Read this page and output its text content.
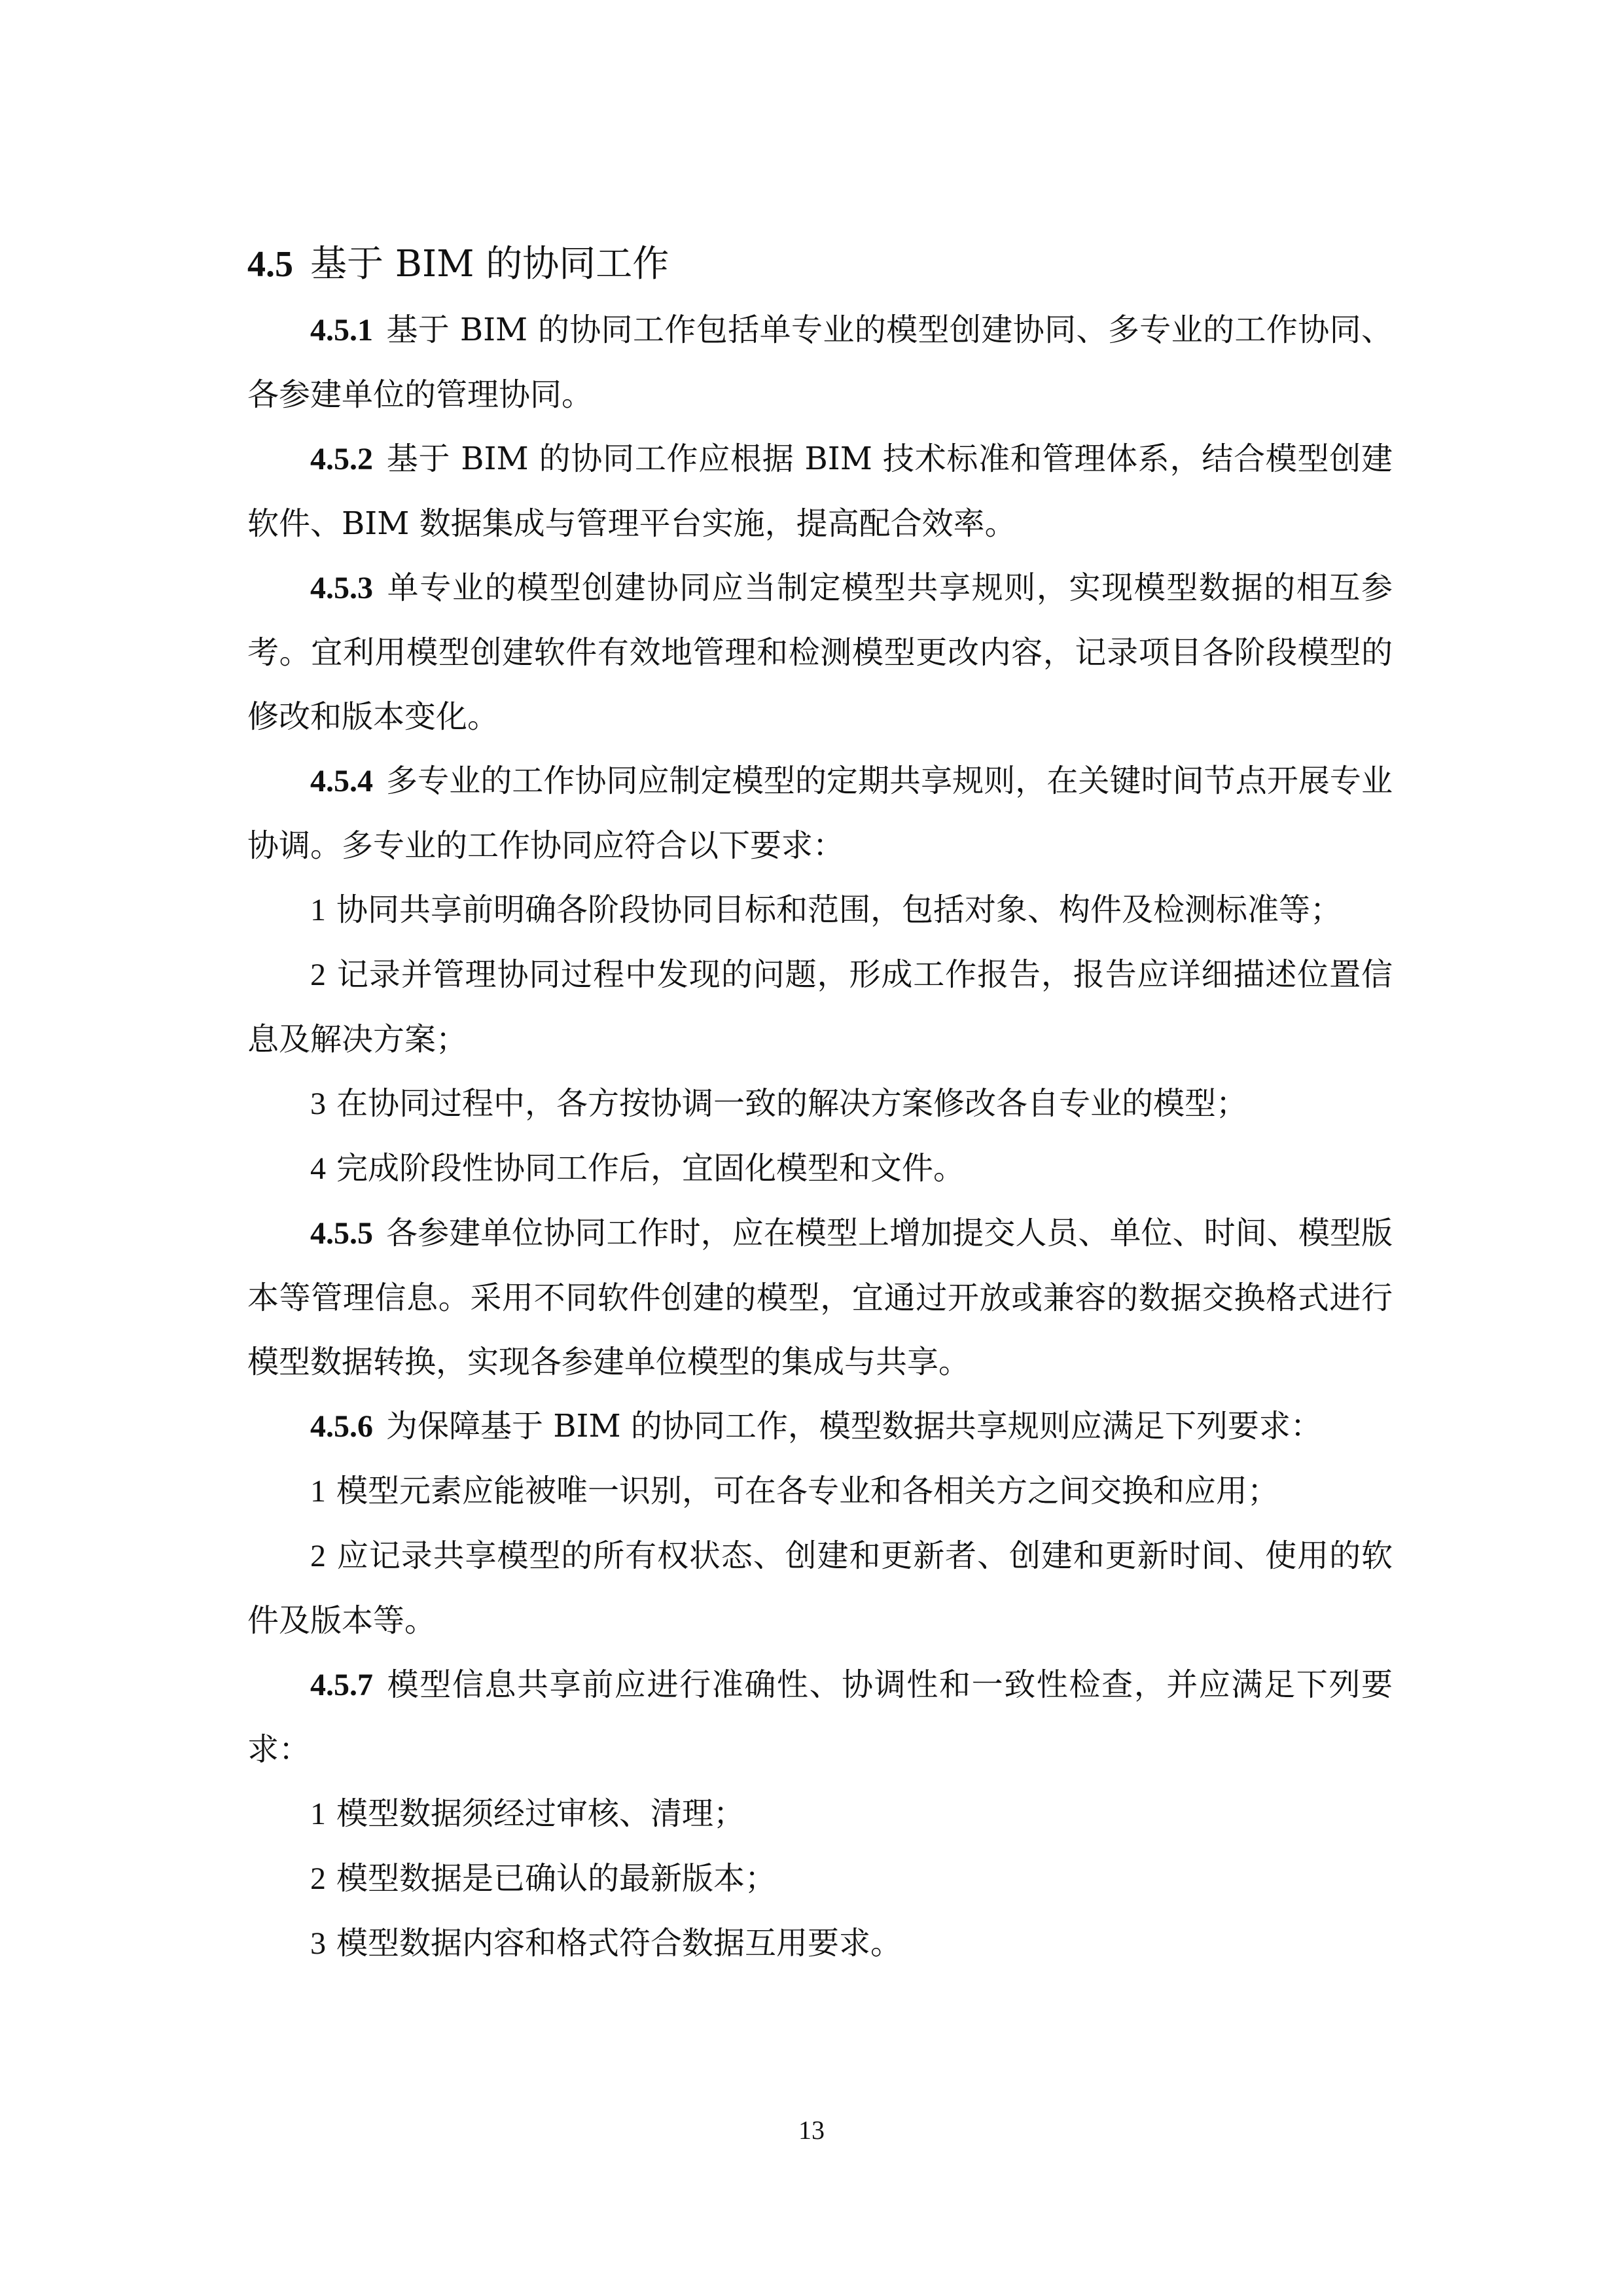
4.5 基于 BIM 的协同工作

4.5.1 基于 BIM 的协同工作包括单专业的模型创建协同、多专业的工作协同、各参建单位的管理协同。

4.5.2 基于 BIM 的协同工作应根据 BIM 技术标准和管理体系，结合模型创建软件、BIM 数据集成与管理平台实施，提高配合效率。

4.5.3 单专业的模型创建协同应当制定模型共享规则，实现模型数据的相互参考。宜利用模型创建软件有效地管理和检测模型更改内容，记录项目各阶段模型的修改和版本变化。

4.5.4 多专业的工作协同应制定模型的定期共享规则，在关键时间节点开展专业协调。多专业的工作协同应符合以下要求：

1 协同共享前明确各阶段协同目标和范围，包括对象、构件及检测标准等；

2 记录并管理协同过程中发现的问题，形成工作报告，报告应详细描述位置信息及解决方案；

3 在协同过程中，各方按协调一致的解决方案修改各自专业的模型；

4 完成阶段性协同工作后，宜固化模型和文件。

4.5.5 各参建单位协同工作时，应在模型上增加提交人员、单位、时间、模型版本等管理信息。采用不同软件创建的模型，宜通过开放或兼容的数据交换格式进行模型数据转换，实现各参建单位模型的集成与共享。

4.5.6 为保障基于 BIM 的协同工作，模型数据共享规则应满足下列要求：

1 模型元素应能被唯一识别，可在各专业和各相关方之间交换和应用；

2 应记录共享模型的所有权状态、创建和更新者、创建和更新时间、使用的软件及版本等。

4.5.7 模型信息共享前应进行准确性、协调性和一致性检查，并应满足下列要求：

1 模型数据须经过审核、清理；

2 模型数据是已确认的最新版本；

3 模型数据内容和格式符合数据互用要求。

13
